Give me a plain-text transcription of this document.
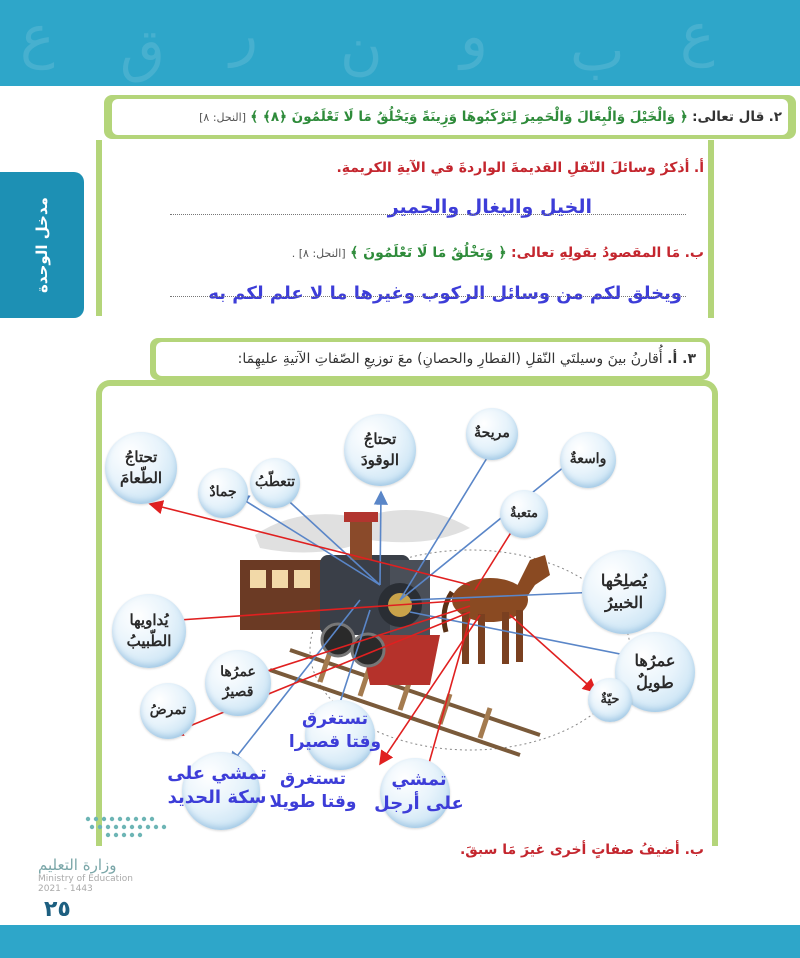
ع ق ر ن و ب ع
مدخل الوحدة
٢. قال تعالى: ﴿ وَالْخَيْلَ وَالْبِغَالَ وَالْحَمِيرَ لِتَرْكَبُوهَا وَزِينَةً وَيَخْلُقُ مَا لَا تَعْلَمُونَ ﴿٨﴾ ﴾ [النحل: ٨]
أ. أذكرُ وسائلَ النّقلِ القديمةَ الواردةَ في الآيةِ الكريمةِ.
الخيل والبغال والحمير
ب. مَا المقصودُ بقولِهِ تعالى: ﴿ وَيَخْلُقُ مَا لَا تَعْلَمُونَ ﴾ [النحل: ٨] .
ويخلق لكم من وسائل الركوب وغيرها ما لا علم لكم به
٣. أ. أُقارنُ بينَ وسيلتَي النّقلِ (القطارِ والحصانِ) معَ توزيعِ الصّفاتِ الآتيةِ عليهِمَا:
تحتاجُ
الطّعامَ
جمادٌ
تتعطّبُ
تحتاجُ
الوقودَ
مريحةٌ
واسعةٌ
متعبةٌ
يُصلِحُها
الخبيرُ
يُداويها
الطّبيبُ
عمرُها
قصيرٌ
عمرُها
طويلٌ
حيّةٌ
تمرضُ	تستغرق
وقتا قصيرا
تستغرق
وقتا طويلا
تمشي على
سكة الحديد
تمشي
على أرجل
ب. أضيفُ صفاتٍ أخرى غيرَ مَا سبقَ.
وزارة التعليم
Ministry of Education
2021 - 1443
٢٥
